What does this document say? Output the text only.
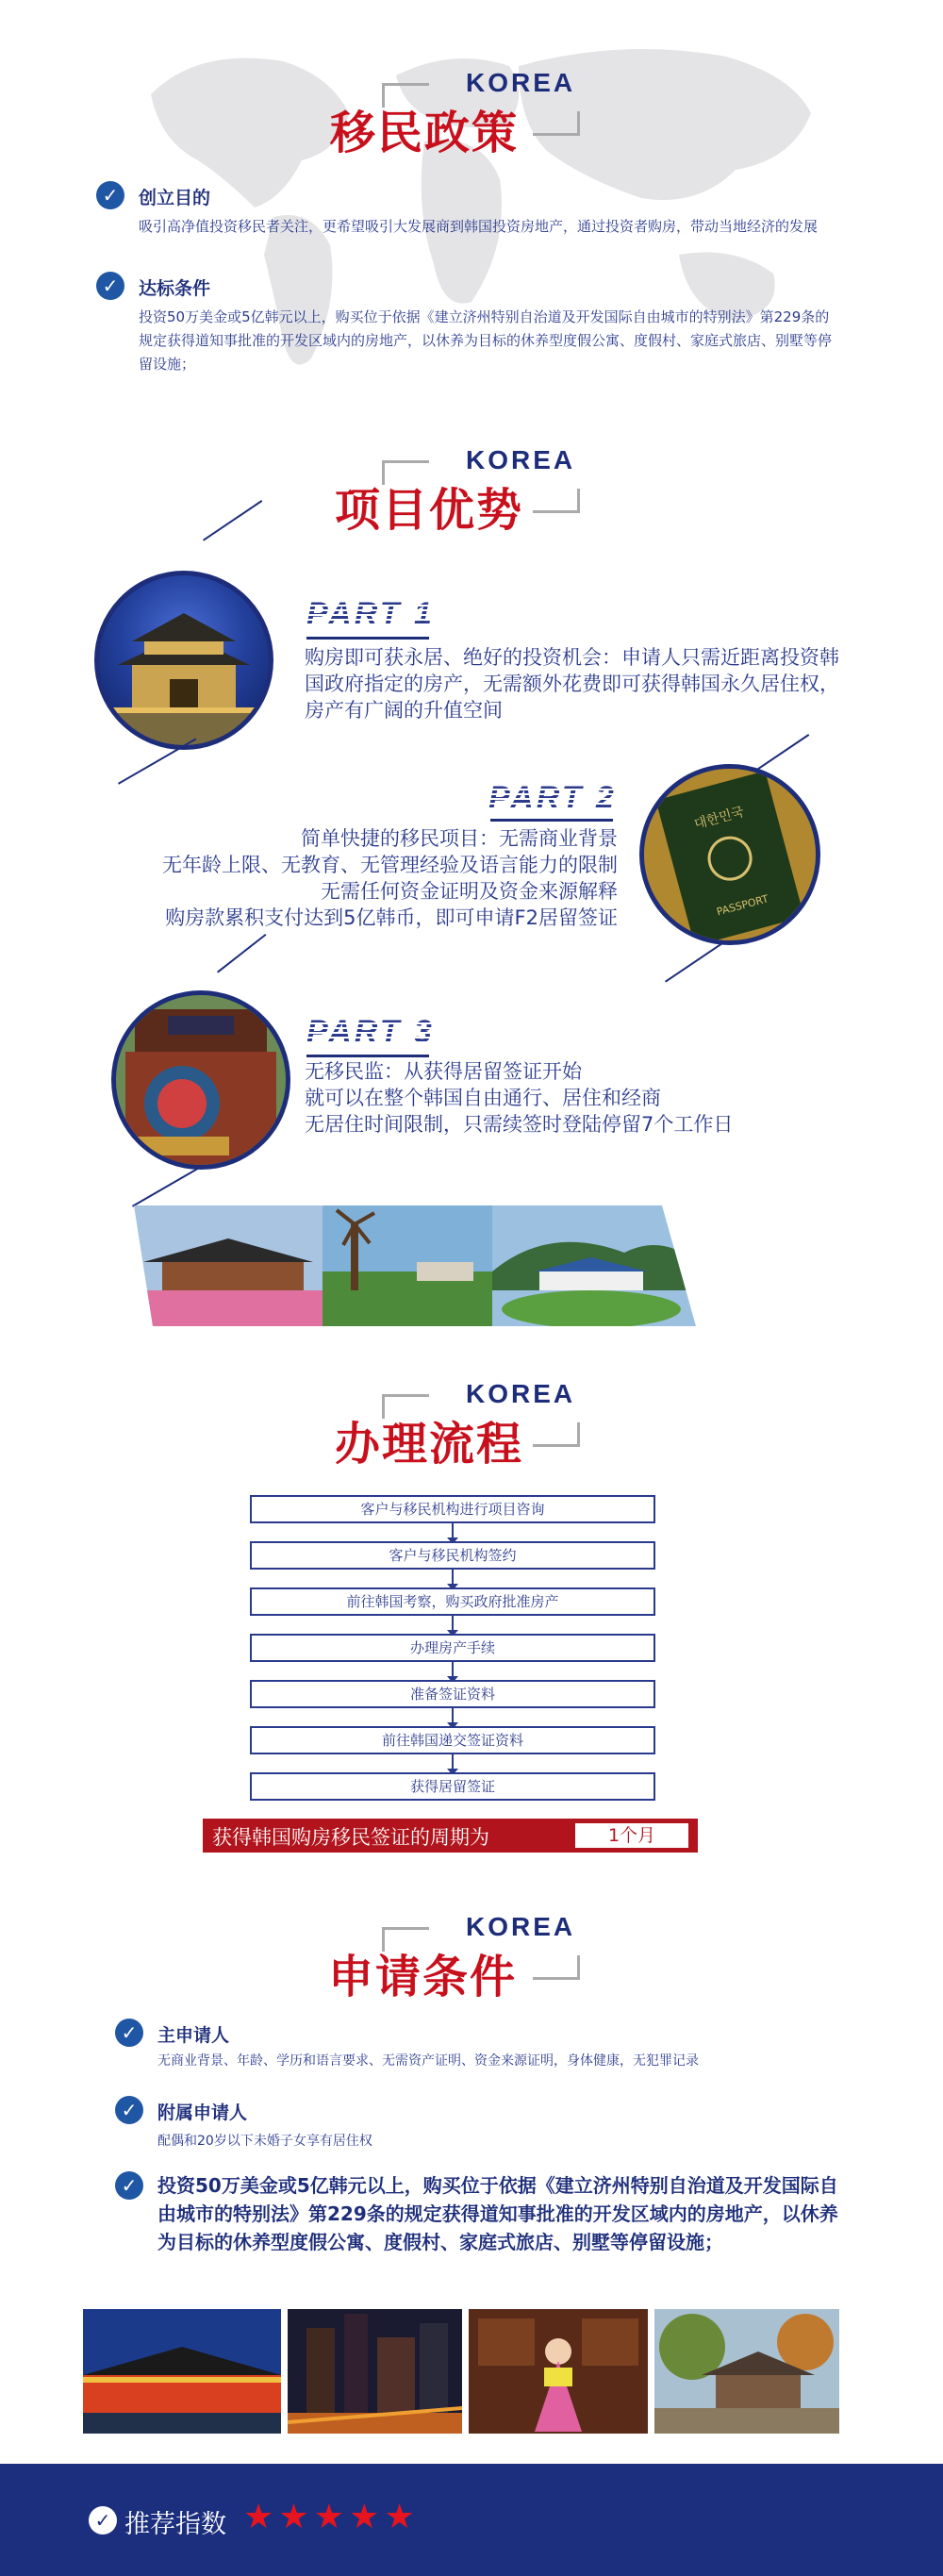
KOREA
移民政策
✓	创立目的
吸引高净值投资移民者关注，更希望吸引大发展商到韩国投资房地产，通过投资者购房，带动当地经济的发展
✓	达标条件
投资50万美金或5亿韩元以上，购买位于依据《建立济州特别自治道及开发国际自由城市的特别法》第229条的规定获得道知事批准的开发区域内的房地产，以休养为目标的休养型度假公寓、度假村、家庭式旅店、别墅等停留设施；
KOREA
项目优势
PART 1
购房即可获永居、绝好的投资机会：申请人只需近距离投资韩国政府指定的房产，无需额外花费即可获得韩国永久居住权，房产有广阔的升值空间
PART 2
简单快捷的移民项目：无需商业背景
无年龄上限、无教育、无管理经验及语言能力的限制
无需任何资金证明及资金来源解释
购房款累积支付达到5亿韩币，即可申请F2居留签证
대한민국
PASSPORT
PART 3
无移民监：从获得居留签证开始
就可以在整个韩国自由通行、居住和经商
无居住时间限制，只需续签时登陆停留7个工作日
KOREA
办理流程
客户与移民机构进行项目咨询
客户与移民机构签约
前往韩国考察，购买政府批准房产
办理房产手续
准备签证资料
前往韩国递交签证资料
获得居留签证
获得韩国购房移民签证的周期为	1个月
KOREA
申请条件
✓	主申请人
无商业背景、年龄、学历和语言要求、无需资产证明、资金来源证明，身体健康，无犯罪记录
✓	附属申请人
配偶和20岁以下未婚子女享有居住权
✓	投资50万美金或5亿韩元以上，购买位于依据《建立济州特别自治道及开发国际自由城市的特别法》第229条的规定获得道知事批准的开发区域内的房地产，以休养为目标的休养型度假公寓、度假村、家庭式旅店、别墅等停留设施；
✓ 推荐指数 ★ ★ ★ ★ ★
